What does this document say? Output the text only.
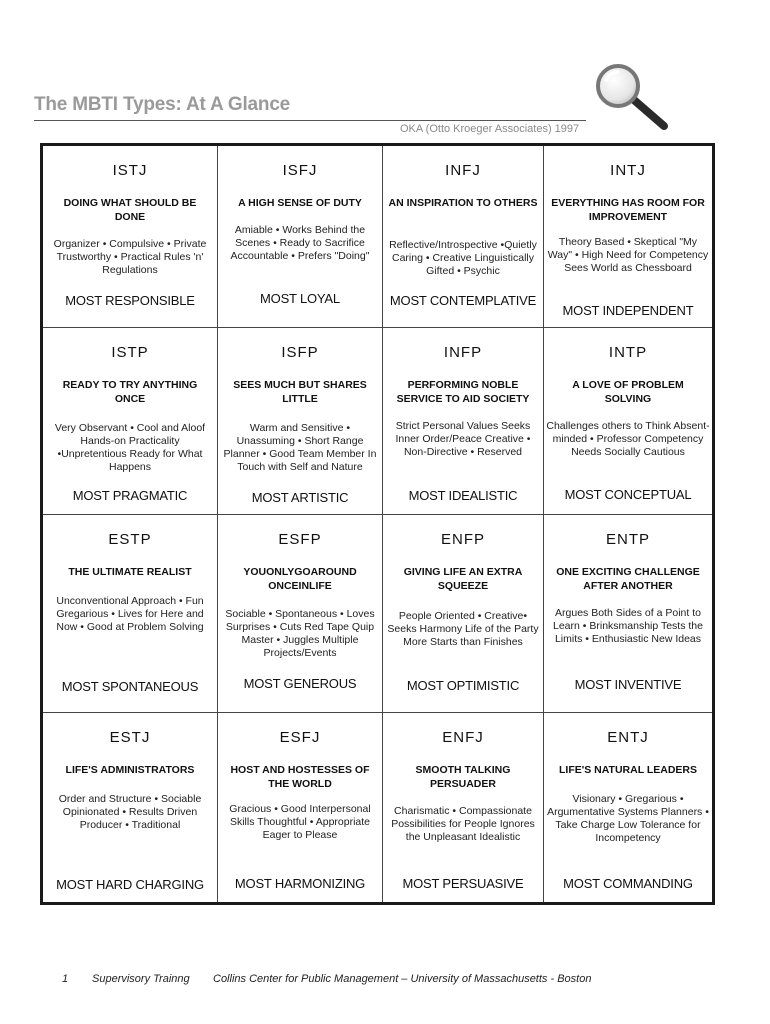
The MBTI Types: At A Glance
OKA (Otto Kroeger Associates) 1997
ISTJ
DOING WHAT SHOULD BE DONE
Organizer • Compulsive • Private Trustworthy • Practical Rules 'n' Regulations
MOST RESPONSIBLE
ISFJ
A HIGH SENSE OF DUTY
Amiable • Works Behind the Scenes • Ready to Sacrifice Accountable • Prefers "Doing"
MOST LOYAL
INFJ
AN INSPIRATION TO OTHERS
Reflective/Introspective •Quietly Caring • Creative Linguistically Gifted • Psychic
MOST CONTEMPLATIVE
INTJ
EVERYTHING HAS ROOM FOR IMPROVEMENT
Theory Based • Skeptical "My Way" • High Need for Competency Sees World as Chessboard
MOST INDEPENDENT
ISTP
READY TO TRY ANYTHING ONCE
Very Observant • Cool and Aloof Hands-on Practicality •Unpretentious Ready for What Happens
MOST PRAGMATIC
ISFP
SEES MUCH BUT SHARES LITTLE
Warm and Sensitive • Unassuming • Short Range Planner • Good Team Member In Touch with Self and Nature
MOST ARTISTIC
INFP
PERFORMING NOBLE SERVICE TO AID SOCIETY
Strict Personal Values Seeks Inner Order/Peace Creative • Non-Directive • Reserved
MOST IDEALISTIC
INTP
A LOVE OF PROBLEM SOLVING
Challenges others to Think Absent-minded • Professor Competency Needs Socially Cautious
MOST CONCEPTUAL
ESTP
THE ULTIMATE REALIST
Unconventional Approach • Fun Gregarious • Lives for Here and Now • Good at Problem Solving
MOST SPONTANEOUS
ESFP
YOUONLYGOAROUND ONCEINLIFE
Sociable • Spontaneous • Loves Surprises • Cuts Red Tape Quip Master • Juggles Multiple Projects/Events
MOST GENEROUS
ENFP
GIVING LIFE AN EXTRA SQUEEZE
People Oriented • Creative• Seeks Harmony Life of the Party More Starts than Finishes
MOST OPTIMISTIC
ENTP
ONE EXCITING CHALLENGE AFTER ANOTHER
Argues Both Sides of a Point to Learn • Brinksmanship Tests the Limits • Enthusiastic New Ideas
MOST INVENTIVE
ESTJ
LIFE'S ADMINISTRATORS
Order and Structure • Sociable Opinionated • Results Driven Producer • Traditional
MOST HARD CHARGING
ESFJ
HOST AND HOSTESSES OF THE WORLD
Gracious • Good Interpersonal Skills Thoughtful • Appropriate Eager to Please
MOST HARMONIZING
ENFJ
SMOOTH TALKING PERSUADER
Charismatic • Compassionate Possibilities for People Ignores the Unpleasant Idealistic
MOST PERSUASIVE
ENTJ
LIFE'S NATURAL LEADERS
Visionary • Gregarious • Argumentative Systems Planners • Take Charge Low Tolerance for Incompetency
MOST COMMANDING
1 Supervisory Trainng Collins Center for Public Management – University of Massachusetts - Boston
